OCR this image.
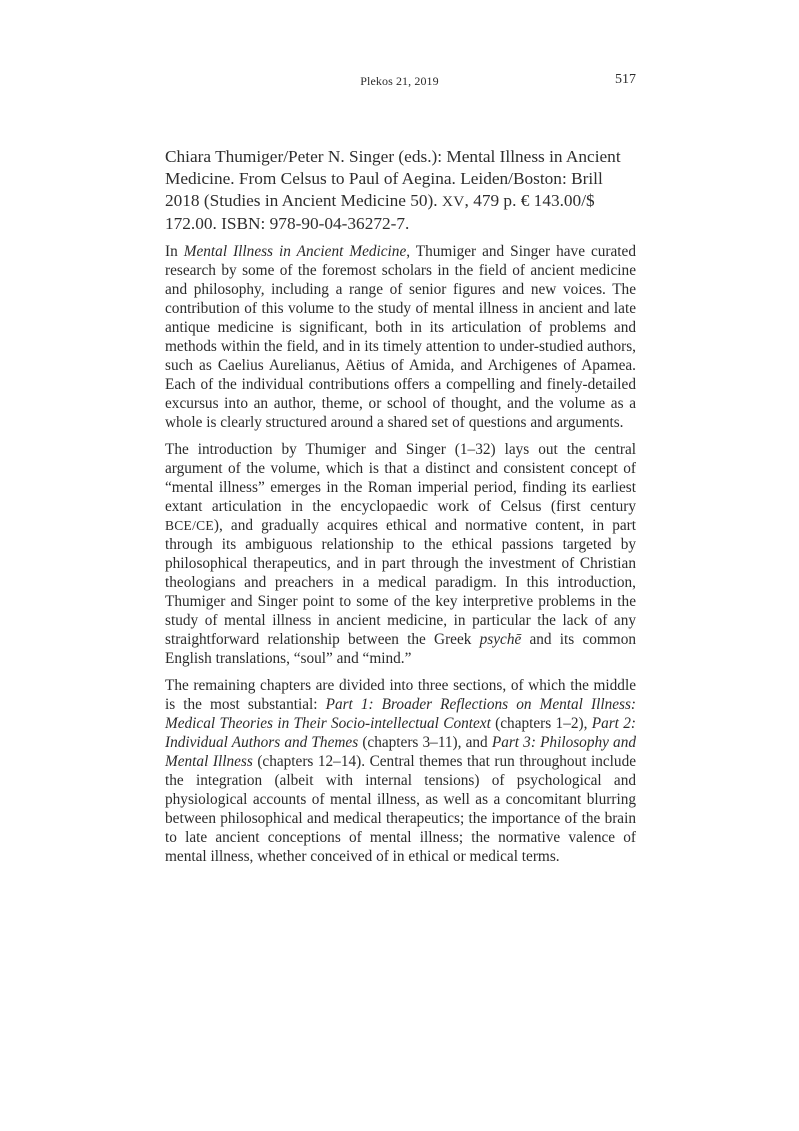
Plekos 21, 2019	517
Chiara Thumiger/Peter N. Singer (eds.): Mental Illness in Ancient Medicine. From Celsus to Paul of Aegina. Leiden/Boston: Brill 2018 (Studies in Ancient Medicine 50). XV, 479 p. € 143.00/$ 172.00. ISBN: 978-90-04-36272-7.

In Mental Illness in Ancient Medicine, Thumiger and Singer have curated research by some of the foremost scholars in the field of ancient medicine and philosophy, including a range of senior figures and new voices. The contribution of this volume to the study of mental illness in ancient and late antique medicine is significant, both in its articulation of problems and methods within the field, and in its timely attention to under-studied authors, such as Caelius Aurelianus, Aëtius of Amida, and Archigenes of Apamea. Each of the individual contributions offers a compelling and finely-detailed excursus into an author, theme, or school of thought, and the volume as a whole is clearly structured around a shared set of questions and arguments.

The introduction by Thumiger and Singer (1–32) lays out the central argument of the volume, which is that a distinct and consistent concept of “mental illness” emerges in the Roman imperial period, finding its earliest extant articulation in the encyclopaedic work of Celsus (first century BCE/CE), and gradually acquires ethical and normative content, in part through its ambiguous relationship to the ethical passions targeted by philosophical therapeutics, and in part through the investment of Christian theologians and preachers in a medical paradigm. In this introduction, Thumiger and Singer point to some of the key interpretive problems in the study of mental illness in ancient medicine, in particular the lack of any straightforward relationship between the Greek psychē and its common English translations, “soul” and “mind.”

The remaining chapters are divided into three sections, of which the middle is the most substantial: Part 1: Broader Reflections on Mental Illness: Medical Theories in Their Socio-intellectual Context (chapters 1–2), Part 2: Individual Authors and Themes (chapters 3–11), and Part 3: Philosophy and Mental Illness (chapters 12–14). Central themes that run throughout include the integration (albeit with internal tensions) of psychological and physiological accounts of mental illness, as well as a concomitant blurring between philosophical and medical therapeutics; the importance of the brain to late ancient conceptions of mental illness; the normative valence of mental illness, whether conceived of in ethical or medical terms.
